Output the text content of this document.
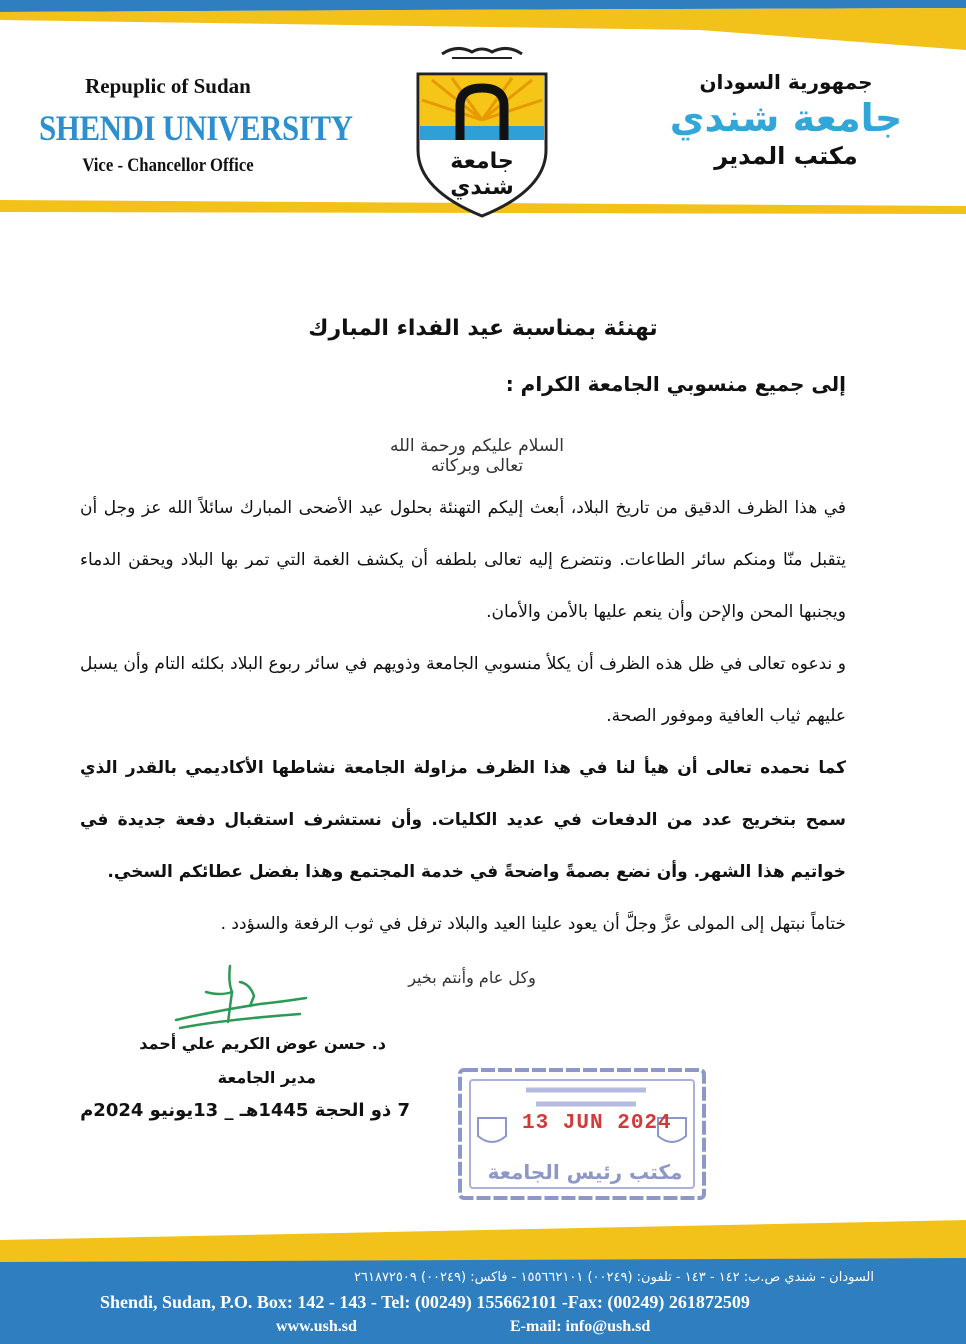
Repuplic of Sudan
SHENDI UNIVERSITY
Vice - Chancellor Office
جمهورية السودان
جامعة شندي
مكتب المدير
جامعة
شندي
تهنئة بمناسبة عيد الفداء المبارك
إلى جميع منسوبي الجامعة الكرام :
السلام عليكم ورحمة الله تعالى وبركاته
في هذا الظرف الدقيق من تاريخ البلاد، أبعث إليكم التهنئة بحلول عيد الأضحى المبارك سائلاً الله عز وجل أن يتقبل منّا ومنكم سائر الطاعات. ونتضرع إليه تعالى بلطفه أن يكشف الغمة التي تمر بها البلاد ويحقن الدماء ويجنبها المحن والإحن وأن ينعم عليها بالأمن والأمان.
و ندعوه تعالى في ظل هذه الظرف أن يكلأ منسوبي الجامعة وذويهم في سائر ربوع البلاد بكلئه التام وأن يسبل عليهم ثياب العافية وموفور الصحة.
كما نحمده تعالى أن هيأ لنا في هذا الظرف مزاولة الجامعة نشاطها الأكاديمي بالقدر الذي سمح بتخريج عدد من الدفعات في عديد الكليات. وأن نستشرف استقبال دفعة جديدة في خواتيم هذا الشهر. وأن نضع بصمةً واضحةً في خدمة المجتمع وهذا بفضل عطائكم السخي.
ختاماً نبتهل إلى المولى عزَّ وجلَّ أن يعود علينا العيد والبلاد ترفل في ثوب الرفعة والسؤدد .
وكل عام وأنتم بخير
د. حسن عوض الكريم علي أحمد
مدير الجامعة
7 ذو الحجة 1445هـ _ 13يونيو 2024م
13 JUN 2024
مكتب رئيس الجامعة
السودان - شندي ص.ب: ١٤٢ - ١٤٣ - تلفون: (٠٠٢٤٩) ١٥٥٦٦٢١٠١ - فاكس: (٠٠٢٤٩) ٢٦١٨٧٢٥٠٩
Shendi, Sudan, P.O. Box: 142 - 143 - Tel: (00249) 155662101 -Fax: (00249) 261872509
www.ush.sd	E-mail: info@ush.sd
